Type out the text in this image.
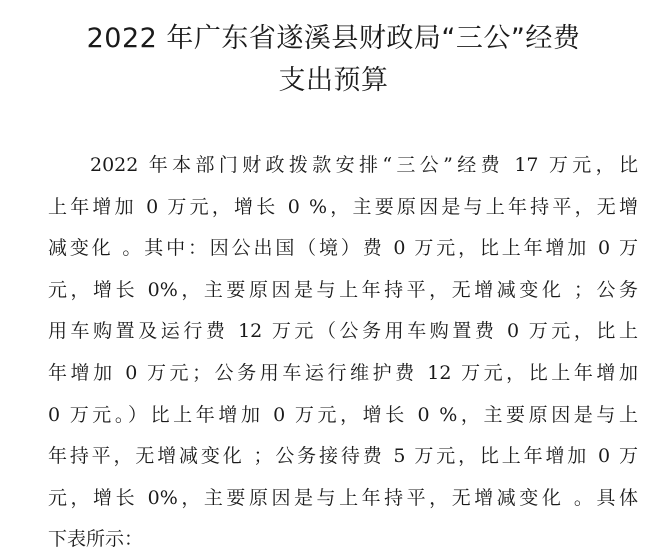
2022 年广东省遂溪县财政局“三公”经费
支出预算
2022 年本部门财政拨款安排“三公”经费 17 万元，比
上年增加 0 万元，增长 0 %，主要原因是与上年持平，无增
减变化 。其中：因公出国（境）费 0 万元，比上年增加 0 万
元，增长 0%，主要原因是与上年持平，无增减变化 ；公务
用车购置及运行费 12 万元（公务用车购置费 0 万元，比上
年增加 0 万元；公务用车运行维护费 12 万元，比上年增加
0 万元。）比上年增加 0 万元，增长 0 %，主要原因是与上
年持平，无增减变化 ；公务接待费 5 万元，比上年增加 0 万
元，增长 0%，主要原因是与上年持平，无增减变化 。具体
下表所示：
